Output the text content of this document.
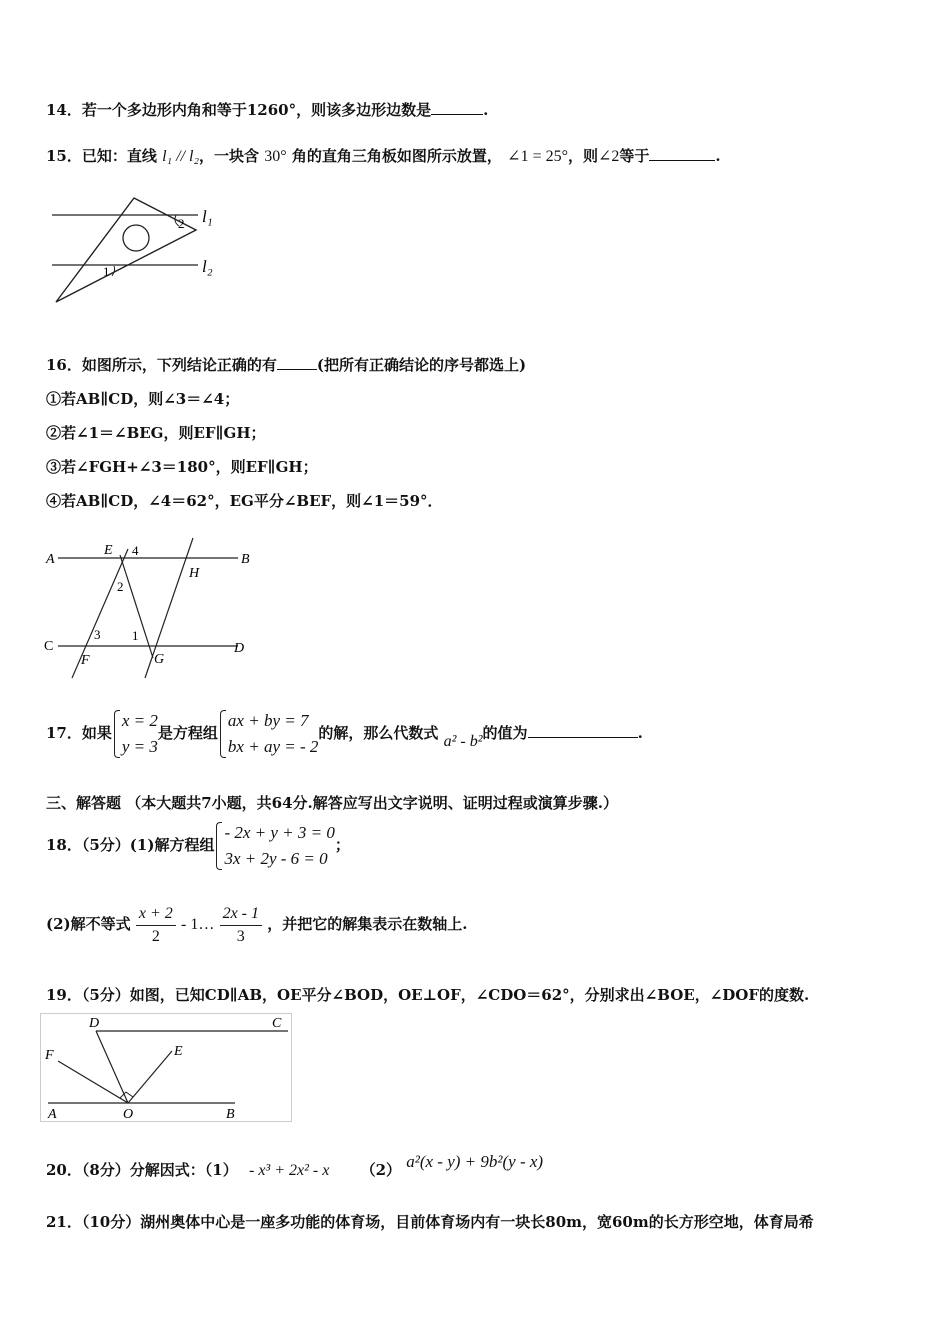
14．若一个多边形内角和等于1260°，则该多边形边数是	.
15．已知：直线 l₁ // l₂，一块含 30° 角的直角三角板如图所示放置， ∠1 = 25°，则∠2等于	.
1
2 l₁
l₂
16．如图所示，下列结论正确的有	(把所有正确结论的序号都选上)
①若AB∥CD，则∠3＝∠4；
②若∠1＝∠BEG，则EF∥GH；
③若∠FGH+∠3＝180°，则EF∥GH；
④若AB∥CD，∠4＝62°，EG平分∠BEF，则∠1＝59°．
A	B
C	D
E
F	G
H
4
2
3 1
17．如果
x = 2
y = 3
是方程组
ax + by = 7
bx + ay = - 2
的解，那么代数式 a² - b²的值为	.
三、解答题 （本大题共7小题，共64分.解答应写出文字说明、证明过程或演算步骤.）
18．（5分）(1)解方程组
- 2x + y + 3 = 0
3x + 2y - 6 = 0
；
(2)解不等式 $\frac{x + 2}{2}$ - 1… $\frac{2x - 1}{3}$ ，并把它的解集表示在数轴上.
19．（5分）如图，已知CD∥AB，OE平分∠BOD，OE⊥OF，∠CDO＝62°，分别求出∠BOE，∠DOF的度数.
D	C
F	E
A	O	B
20．（8分）分解因式：（1） - x³ + 2x² - x （2） a²(x - y) + 9b²(y - x)
21．（10分）湖州奥体中心是一座多功能的体育场，目前体育场内有一块长80m，宽60m的长方形空地，体育局希
